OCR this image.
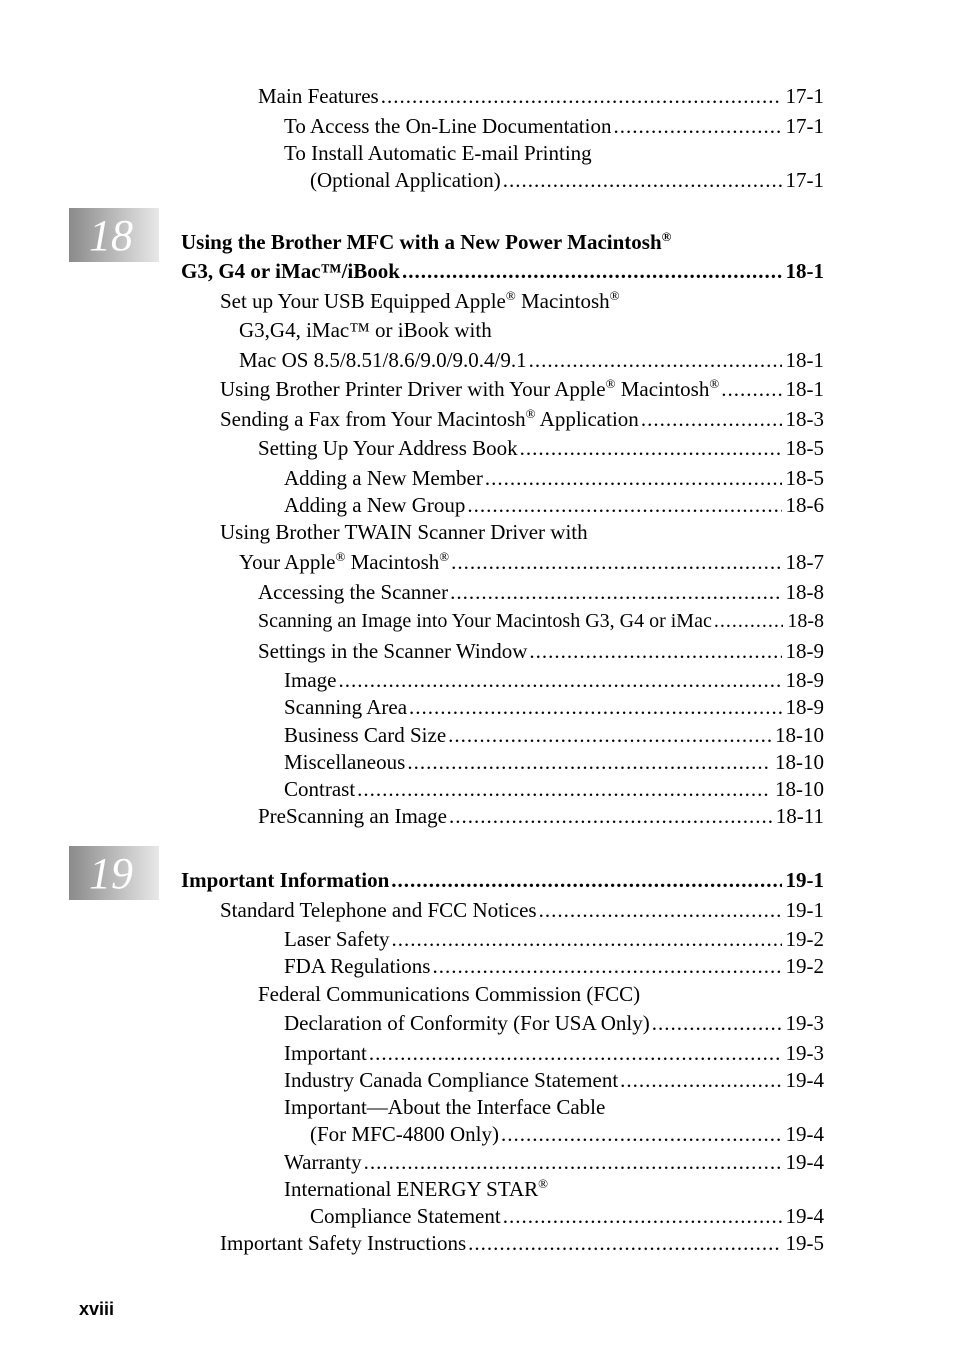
Main Features .....	17-1
To Access the On-Line Documentation .....	17-1
To Install Automatic E-mail Printing
(Optional Application) .....	17-1
18 Using the Brother MFC with a New Power Macintosh®
G3, G4 or iMac™/iBook .....	18-1
Set up Your USB Equipped Apple® Macintosh®
G3,G4, iMac™ or iBook with
Mac OS 8.5/8.51/8.6/9.0/9.0.4/9.1 .....	18-1
Using Brother Printer Driver with Your Apple® Macintosh® .....	18-1
Sending a Fax from Your Macintosh® Application .....	18-3
Setting Up Your Address Book .....	18-5
Adding a New Member .....	18-5
Adding a New Group .....	18-6
Using Brother TWAIN Scanner Driver with
Your Apple® Macintosh® .....	18-7
Accessing the Scanner .....	18-8
Scanning an Image into Your Macintosh G3, G4 or iMac .....	18-8
Settings in the Scanner Window .....	18-9
Image .....	18-9
Scanning Area .....	18-9
Business Card Size .....	18-10
Miscellaneous .....	18-10
Contrast .....	18-10
PreScanning an Image .....	18-11
19 Important Information .....	19-1
Standard Telephone and FCC Notices .....	19-1
Laser Safety .....	19-2
FDA Regulations .....	19-2
Federal Communications Commission (FCC)
Declaration of Conformity (For USA Only) .....	19-3
Important .....	19-3
Industry Canada Compliance Statement .....	19-4
Important—About the Interface Cable
(For MFC-4800 Only) .....	19-4
Warranty .....	19-4
International ENERGY STAR®
Compliance Statement .....	19-4
Important Safety Instructions .....	19-5
xviii
